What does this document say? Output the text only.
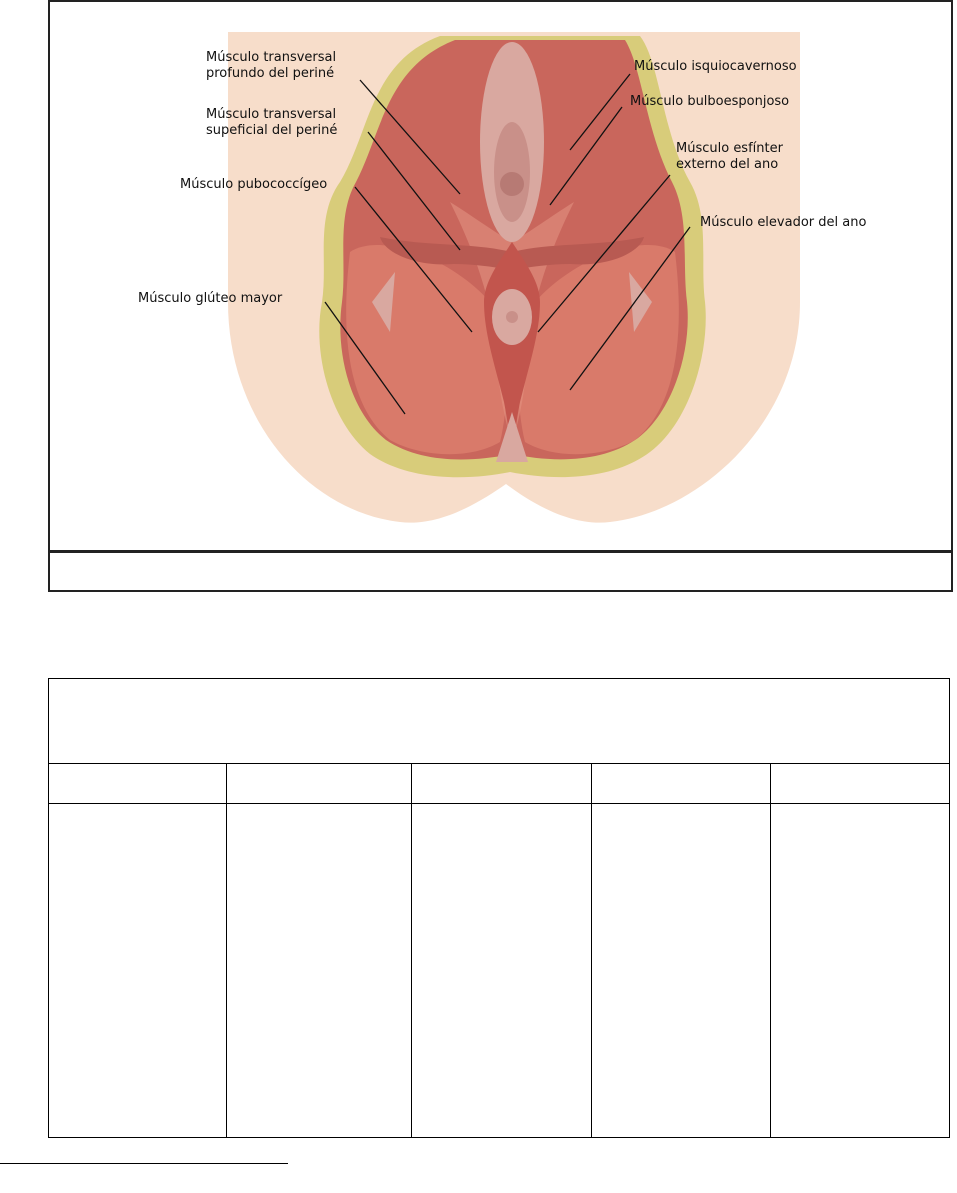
Músculo transversal
profundo del periné
Músculo transversal
supeficial del periné
Músculo pubococcígeo
Músculo glúteo mayor
Músculo isquiocavernoso
Músculo bulboesponjoso
Músculo esfínter
externo del ano
Músculo elevador del ano
